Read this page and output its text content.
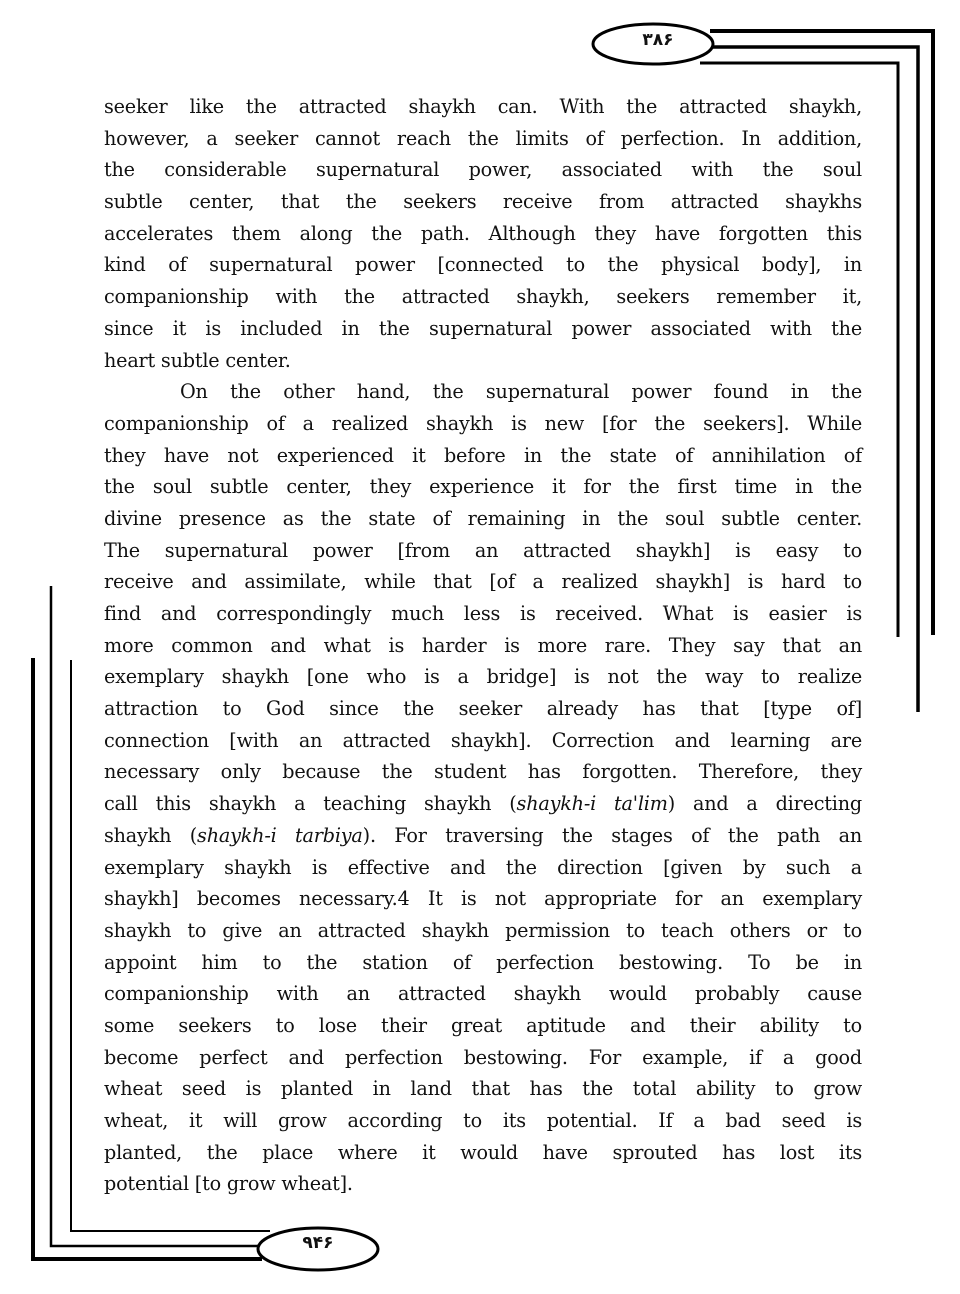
۳۸۶
۹۴۶
seeker like the attracted shaykh can. With the attracted shaykh,
however, a seeker cannot reach the limits of perfection. In addition,
the considerable supernatural power, associated with the soul
subtle center, that the seekers receive from attracted shaykhs
accelerates them along the path. Although they have forgotten this
kind of supernatural power [connected to the physical body], in
companionship with the attracted shaykh, seekers remember it,
since it is included in the supernatural power associated with the
heart subtle center.
On the other hand, the supernatural power found in the
companionship of a realized shaykh is new [for the seekers]. While
they have not experienced it before in the state of annihilation of
the soul subtle center, they experience it for the first time in the
divine presence as the state of remaining in the soul subtle center.
The supernatural power [from an attracted shaykh] is easy to
receive and assimilate, while that [of a realized shaykh] is hard to
find and correspondingly much less is received. What is easier is
more common and what is harder is more rare. They say that an
exemplary shaykh [one who is a bridge] is not the way to realize
attraction to God since the seeker already has that [type of]
connection [with an attracted shaykh]. Correction and learning are
necessary only because the student has forgotten. Therefore, they
call this shaykh a teaching shaykh (shaykh-i ta'lim) and a directing
shaykh (shaykh-i tarbiya). For traversing the stages of the path an
exemplary shaykh is effective and the direction [given by such a
shaykh] becomes necessary.4 It is not appropriate for an exemplary
shaykh to give an attracted shaykh permission to teach others or to
appoint him to the station of perfection bestowing. To be in
companionship with an attracted shaykh would probably cause
some seekers to lose their great aptitude and their ability to
become perfect and perfection bestowing. For example, if a good
wheat seed is planted in land that has the total ability to grow
wheat, it will grow according to its potential. If a bad seed is
planted, the place where it would have sprouted has lost its
potential [to grow wheat].
